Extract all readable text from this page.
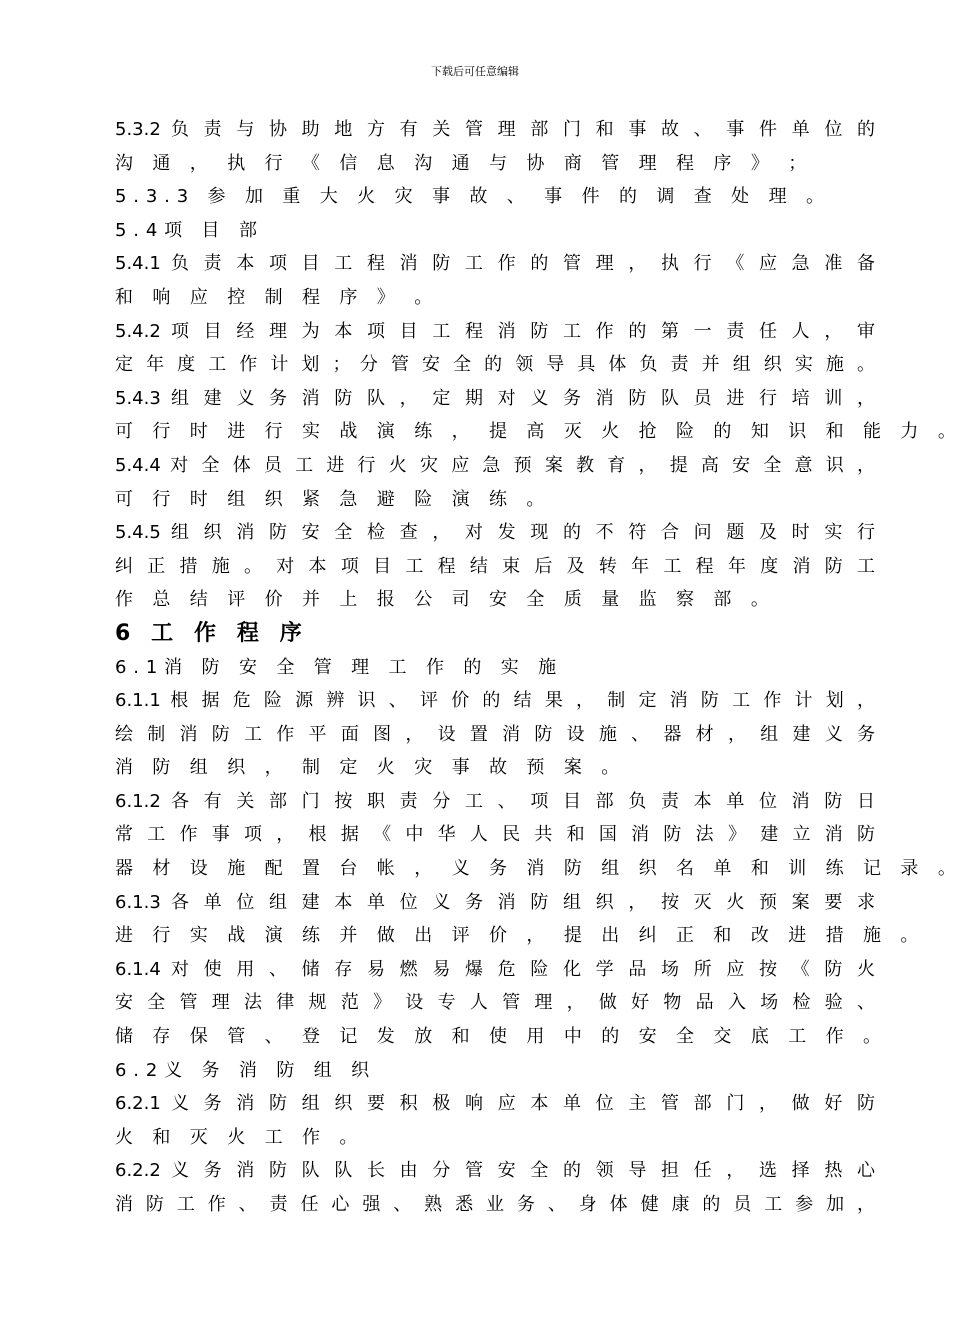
下载后可任意编辑
5.3.2 负 责 与 协 助 地 方 有 关 管 理 部 门 和 事 故 、 事 件 单 位 的
沟 通 ， 执 行 《 信 息 沟 通 与 协 商 管 理 程 序 》 ；
5.3.3 参 加 重 大 火 灾 事 故 、 事 件 的 调 查 处 理 。
5.4项 目 部
5.4.1 负 责 本 项 目 工 程 消 防 工 作 的 管 理 ， 执 行 《 应 急 准 备
和 响 应 控 制 程 序 》 。
5.4.2 项 目 经 理 为 本 项 目 工 程 消 防 工 作 的 第 一 责 任 人 ， 审
定 年 度 工 作 计 划 ； 分 管 安 全 的 领 导 具 体 负 责 并 组 织 实 施 。
5.4.3 组 建 义 务 消 防 队 ， 定 期 对 义 务 消 防 队 员 进 行 培 训 ，
可 行 时 进 行 实 战 演 练 ， 提 高 灭 火 抢 险 的 知 识 和 能 力 。
5.4.4 对 全 体 员 工 进 行 火 灾 应 急 预 案 教 育 ， 提 高 安 全 意 识 ，
可 行 时 组 织 紧 急 避 险 演 练 。
5.4.5 组 织 消 防 安 全 检 查 ， 对 发 现 的 不 符 合 问 题 及 时 实 行
纠 正 措 施 。 对 本 项 目 工 程 结 束 后 及 转 年 工 程 年 度 消 防 工
作 总 结 评 价 并 上 报 公 司 安 全 质 量 监 察 部 。
6 工 作 程 序
6.1消 防 安 全 管 理 工 作 的 实 施
6.1.1 根 据 危 险 源 辨 识 、 评 价 的 结 果 ， 制 定 消 防 工 作 计 划 ，
绘 制 消 防 工 作 平 面 图 ， 设 置 消 防 设 施 、 器 材 ， 组 建 义 务
消 防 组 织 ， 制 定 火 灾 事 故 预 案 。
6.1.2 各 有 关 部 门 按 职 责 分 工 、 项 目 部 负 责 本 单 位 消 防 日
常 工 作 事 项 ， 根 据 《 中 华 人 民 共 和 国 消 防 法 》 建 立 消 防
器 材 设 施 配 置 台 帐 ， 义 务 消 防 组 织 名 单 和 训 练 记 录 。
6.1.3 各 单 位 组 建 本 单 位 义 务 消 防 组 织 ， 按 灭 火 预 案 要 求
进 行 实 战 演 练 并 做 出 评 价 ， 提 出 纠 正 和 改 进 措 施 。
6.1.4 对 使 用 、 储 存 易 燃 易 爆 危 险 化 学 品 场 所 应 按 《 防 火
安 全 管 理 法 律 规 范 》 设 专 人 管 理 ， 做 好 物 品 入 场 检 验 、
储 存 保 管 、 登 记 发 放 和 使 用 中 的 安 全 交 底 工 作 。
6.2义 务 消 防 组 织
6.2.1 义 务 消 防 组 织 要 积 极 响 应 本 单 位 主 管 部 门 ， 做 好 防
火 和 灭 火 工 作 。
6.2.2 义 务 消 防 队 队 长 由 分 管 安 全 的 领 导 担 任 ， 选 择 热 心
消 防 工 作 、 责 任 心 强 、 熟 悉 业 务 、 身 体 健 康 的 员 工 参 加 ，
